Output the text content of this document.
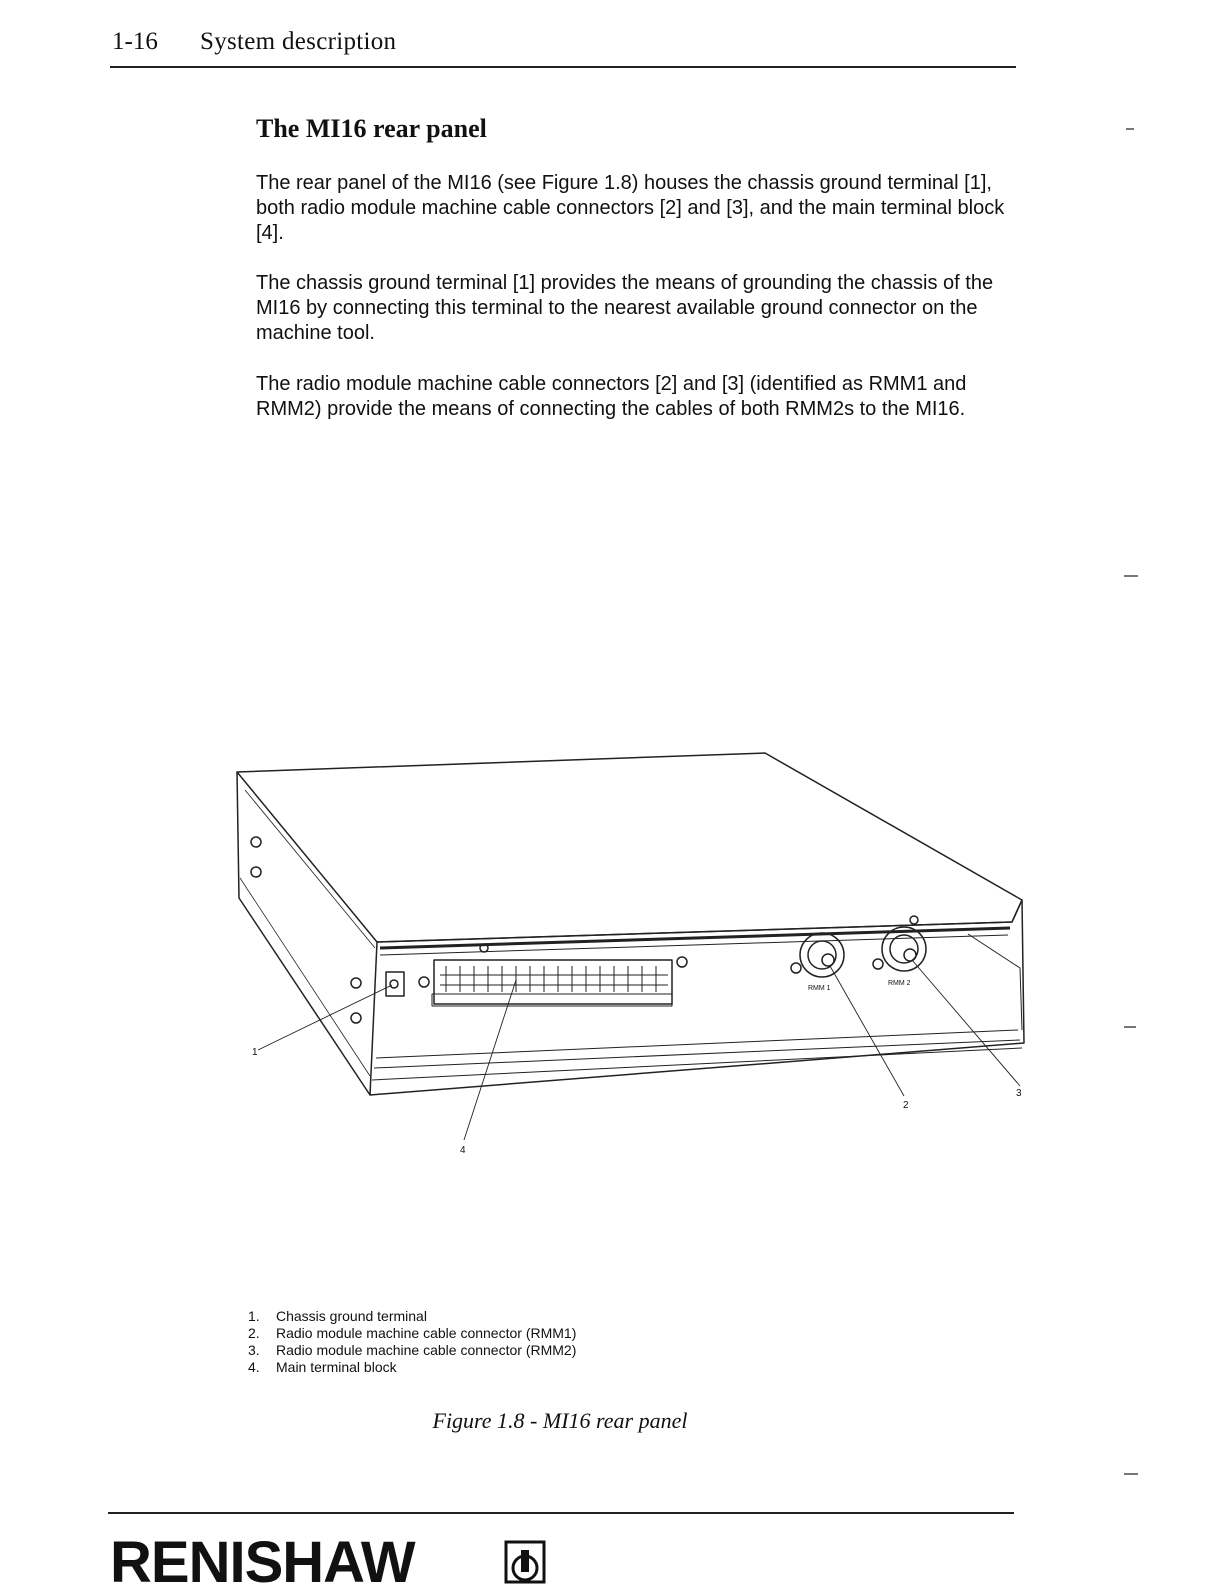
1-16 System description
The MI16 rear panel

The rear panel of the MI16 (see Figure 1.8) houses the chassis ground terminal [1], both radio module machine cable connectors [2] and [3], and the main terminal block [4].

The chassis ground terminal [1] provides the means of grounding the chassis of the MI16 by connecting this terminal to the nearest available ground connector on the machine tool.

The radio module machine cable connectors [2] and [3] (identified as RMM1 and RMM2) provide the means of connecting the cables of both RMM2s to the MI16.

RMM 1
RMM 2
1
2
3
4
1.	Chassis ground terminal
2.	Radio module machine cable connector (RMM1)
3.	Radio module machine cable connector (RMM2)
4.	Main terminal block
Figure 1.8 - MI16 rear panel
RENISHAW
